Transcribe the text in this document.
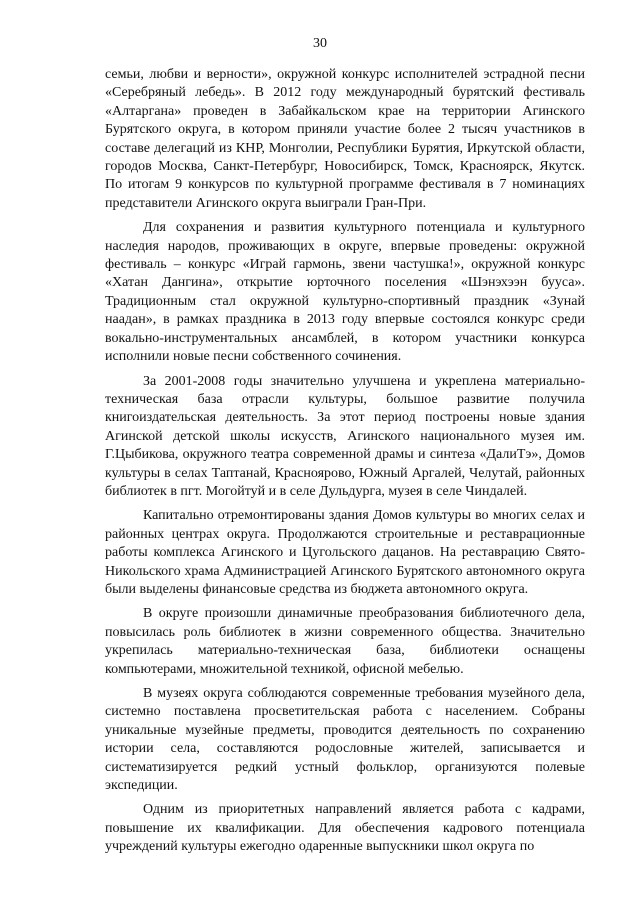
30

семьи, любви и верности», окружной конкурс исполнителей эстрадной песни «Серебряный лебедь». В 2012 году международный бурятский фестиваль «Алтаргана» проведен в Забайкальском крае на территории Агинского Бурятского округа, в котором приняли участие более 2 тысяч участников в составе делегаций из КНР, Монголии, Республики Бурятия, Иркутской области, городов Москва, Санкт-Петербург, Новосибирск, Томск, Красноярск, Якутск. По итогам 9 конкурсов по культурной программе фестиваля в 7 номинациях представители Агинского округа выиграли Гран-При.

Для сохранения и развития культурного потенциала и культурного наследия народов, проживающих в округе, впервые проведены: окружной фестиваль – конкурс «Играй гармонь, звени частушка!», окружной конкурс «Хатан Дангина», открытие юрточного поселения «Шэнэхээн бууса». Традиционным стал окружной культурно-спортивный праздник «Зунай наадан», в рамках праздника в 2013 году впервые состоялся конкурс среди вокально-инструментальных ансамблей, в котором участники конкурса исполнили новые песни собственного сочинения.

За 2001-2008 годы значительно улучшена и укреплена материально-техническая база отрасли культуры, большое развитие получила книгоиздательская деятельность. За этот период построены новые здания Агинской детской школы искусств, Агинского национального музея им. Г.Цыбикова, окружного театра современной драмы и синтеза «ДалиТэ», Домов культуры в селах Таптанай, Красноярово, Южный Аргалей, Челутай, районных библиотек в пгт. Могойтуй и в селе Дульдурга, музея в селе Чиндалей.

Капитально отремонтированы здания Домов культуры во многих селах и районных центрах округа. Продолжаются строительные и реставрационные работы комплекса Агинского и Цугольского дацанов. На реставрацию Свято-Никольского храма Администрацией Агинского Бурятского автономного округа были выделены финансовые средства из бюджета автономного округа.

В округе произошли динамичные преобразования библиотечного дела, повысилась роль библиотек в жизни современного общества. Значительно укрепилась материально-техническая база, библиотеки оснащены компьютерами, множительной техникой, офисной мебелью.

В музеях округа соблюдаются современные требования музейного дела, системно поставлена просветительская работа с населением. Собраны уникальные музейные предметы, проводится деятельность по сохранению истории села, составляются родословные жителей, записывается и систематизируется редкий устный фольклор, организуются полевые экспедиции.

Одним из приоритетных направлений является работа с кадрами, повышение их квалификации. Для обеспечения кадрового потенциала учреждений культуры ежегодно одаренные выпускники школ округа по
